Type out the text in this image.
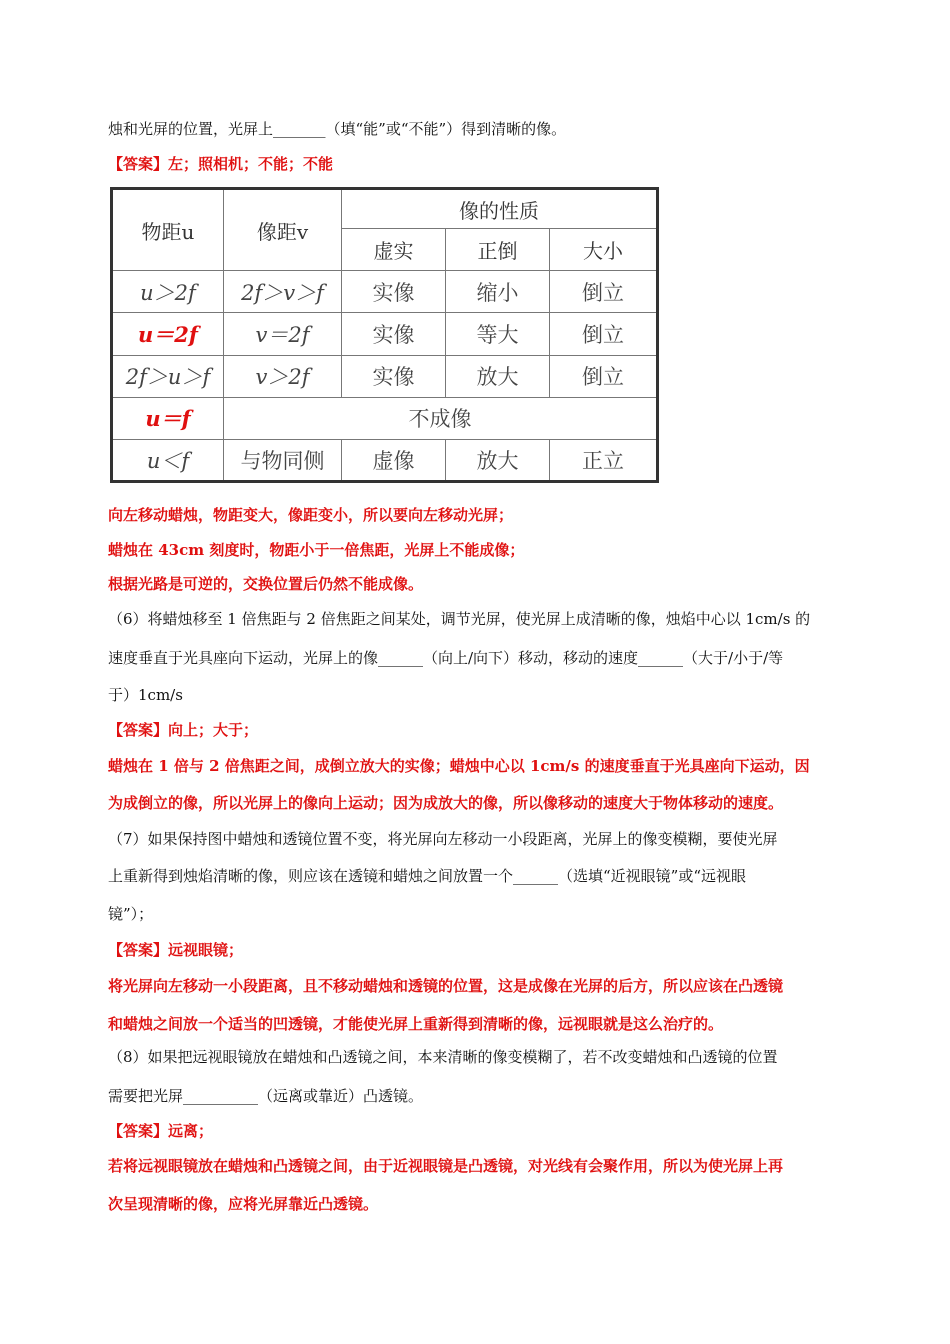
烛和光屏的位置，光屏上_______（填“能”或“不能”）得到清晰的像。
【答案】左；照相机；不能；不能
物距u	像距v	像的性质		
		虚实	正倒	大小
u＞2f	2f＞v＞f	实像	缩小	倒立
u＝2f	v＝2f	实像	等大	倒立
2f＞u＞f	v＞2f	实像	放大	倒立
u＝f	不成像			
u＜f	与物同侧	虚像	放大	正立
向左移动蜡烛，物距变大，像距变小，所以要向左移动光屏；
蜡烛在 43cm 刻度时，物距小于一倍焦距，光屏上不能成像；
根据光路是可逆的，交换位置后仍然不能成像。
（6）将蜡烛移至 1 倍焦距与 2 倍焦距之间某处，调节光屏，使光屏上成清晰的像，烛焰中心以 1cm/s 的
速度垂直于光具座向下运动，光屏上的像______（向上/向下）移动，移动的速度______（大于/小于/等
于）1cm/s
【答案】向上；大于；
蜡烛在 1 倍与 2 倍焦距之间，成倒立放大的实像；蜡烛中心以 1cm/s 的速度垂直于光具座向下运动，因
为成倒立的像，所以光屏上的像向上运动；因为成放大的像，所以像移动的速度大于物体移动的速度。
（7）如果保持图中蜡烛和透镜位置不变，将光屏向左移动一小段距离，光屏上的像变模糊，要使光屏
上重新得到烛焰清晰的像，则应该在透镜和蜡烛之间放置一个______（选填“近视眼镜”或“远视眼
镜”）；
【答案】远视眼镜；
将光屏向左移动一小段距离，且不移动蜡烛和透镜的位置，这是成像在光屏的后方，所以应该在凸透镜
和蜡烛之间放一个适当的凹透镜，才能使光屏上重新得到清晰的像，远视眼就是这么治疗的。
（8）如果把远视眼镜放在蜡烛和凸透镜之间，本来清晰的像变模糊了，若不改变蜡烛和凸透镜的位置
需要把光屏__________（远离或靠近）凸透镜。
【答案】远离；
若将远视眼镜放在蜡烛和凸透镜之间，由于近视眼镜是凸透镜，对光线有会聚作用，所以为使光屏上再
次呈现清晰的像，应将光屏靠近凸透镜。
